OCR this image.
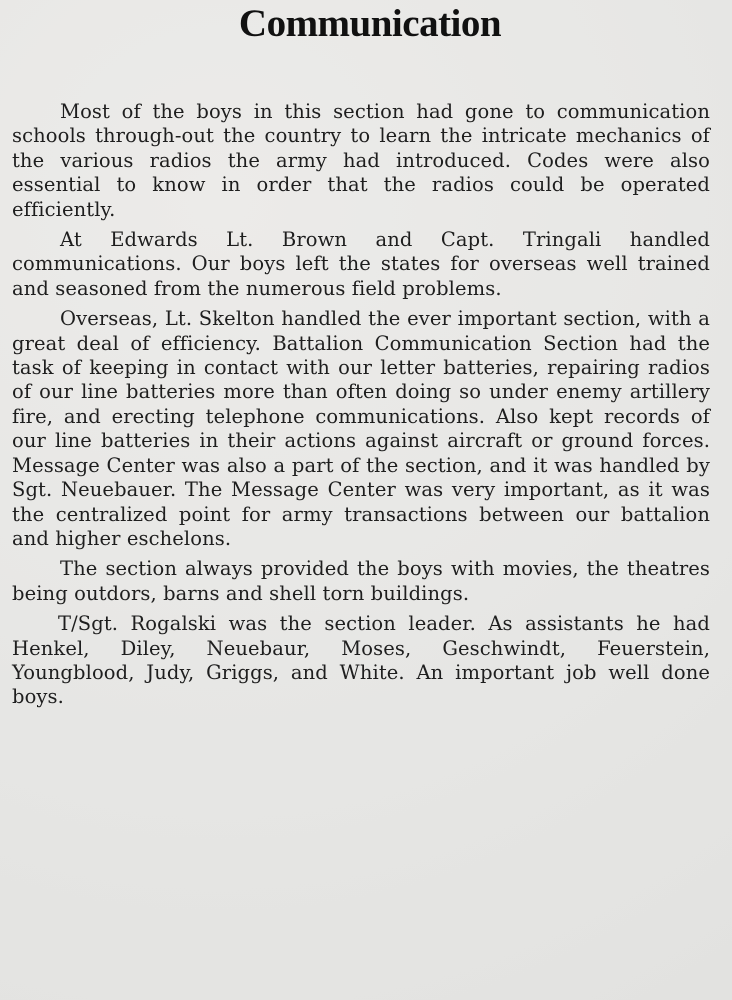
Communication

Most of the boys in this section had gone to communication schools through-out the country to learn the intricate mechanics of the various radios the army had introduced. Codes were also essential to know in order that the radios could be operated efficiently.

At Edwards Lt. Brown and Capt. Tringali handled communications. Our boys left the states for overseas well trained and seasoned from the numerous field problems.

Overseas, Lt. Skelton handled the ever important section, with a great deal of efficiency. Battalion Communication Section had the task of keeping in contact with our letter batteries, repairing radios of our line batteries more than often doing so under enemy artillery fire, and erecting telephone communications. Also kept records of our line batteries in their actions against aircraft or ground forces. Message Center was also a part of the section, and it was handled by Sgt. Neuebauer. The Message Center was very important, as it was the centralized point for army transactions between our battalion and higher eschelons.

The section always provided the boys with movies, the theatres being outdors, barns and shell torn buildings.

T/Sgt. Rogalski was the section leader. As assistants he had Henkel, Diley, Neuebaur, Moses, Geschwindt, Feuerstein, Youngblood, Judy, Griggs, and White. An important job well done boys.
